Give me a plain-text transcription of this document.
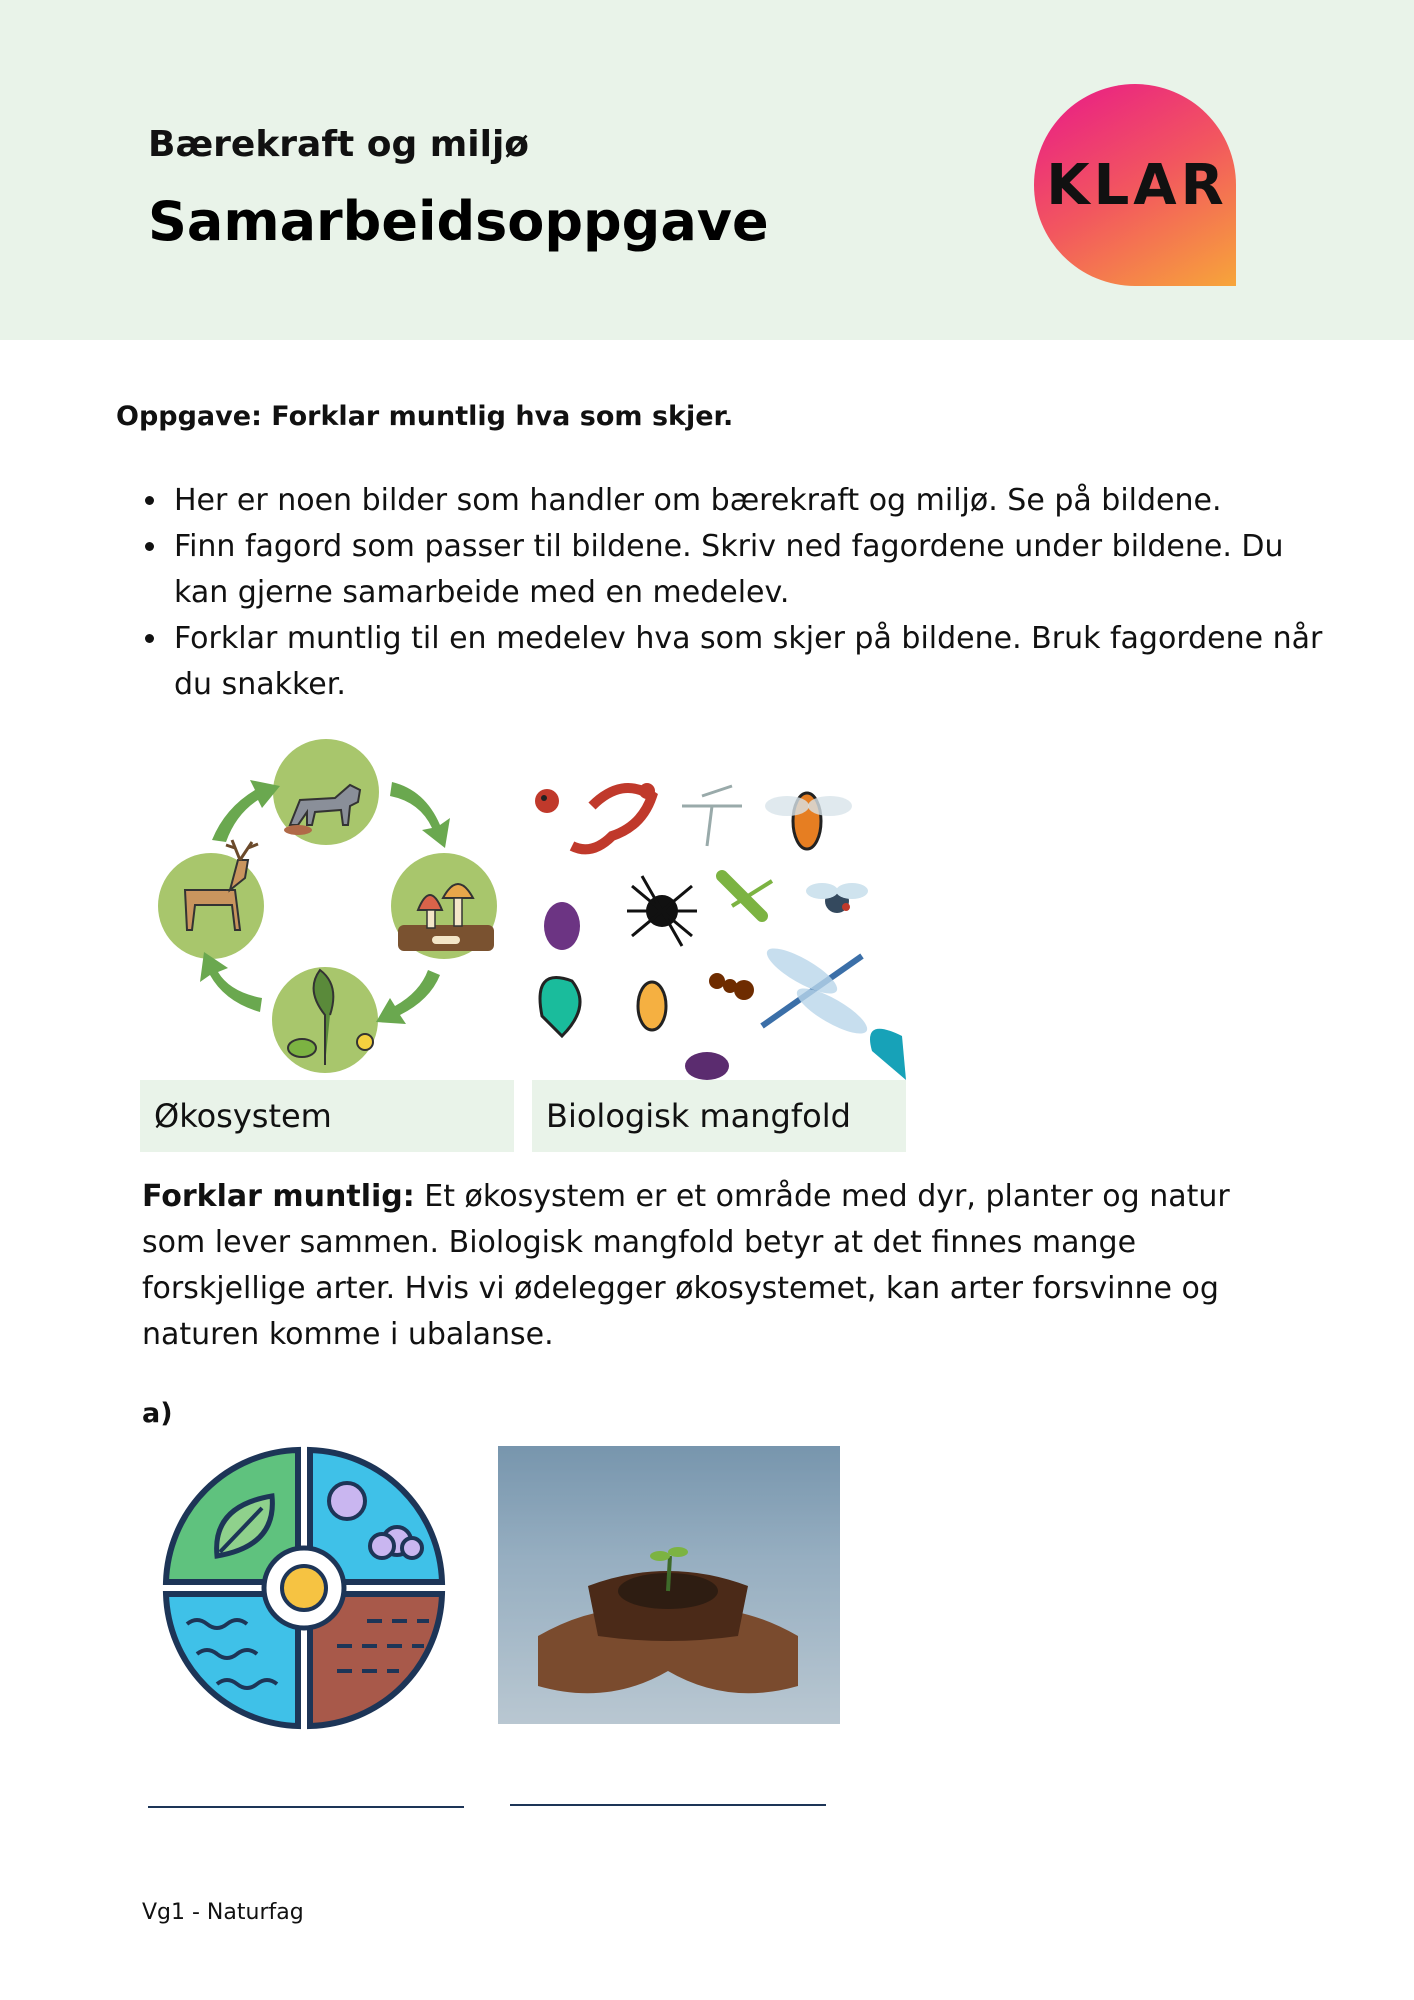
Bærekraft og miljø
Samarbeidsoppgave
KLAR
Oppgave: Forklar muntlig hva som skjer.
• Her er noen bilder som handler om bærekraft og miljø. Se på bildene.
• Finn fagord som passer til bildene. Skriv ned fagordene under bildene. Du kan gjerne samarbeide med en medelev.
• Forklar muntlig til en medelev hva som skjer på bildene. Bruk fagordene når du snakker.
Økosystem	Biologisk mangfold
Forklar muntlig: Et økosystem er et område med dyr, planter og natur som lever sammen. Biologisk mangfold betyr at det finnes mange forskjellige arter. Hvis vi ødelegger økosystemet, kan arter forsvinne og naturen komme i ubalanse.
a)
Vg1 - Naturfag
